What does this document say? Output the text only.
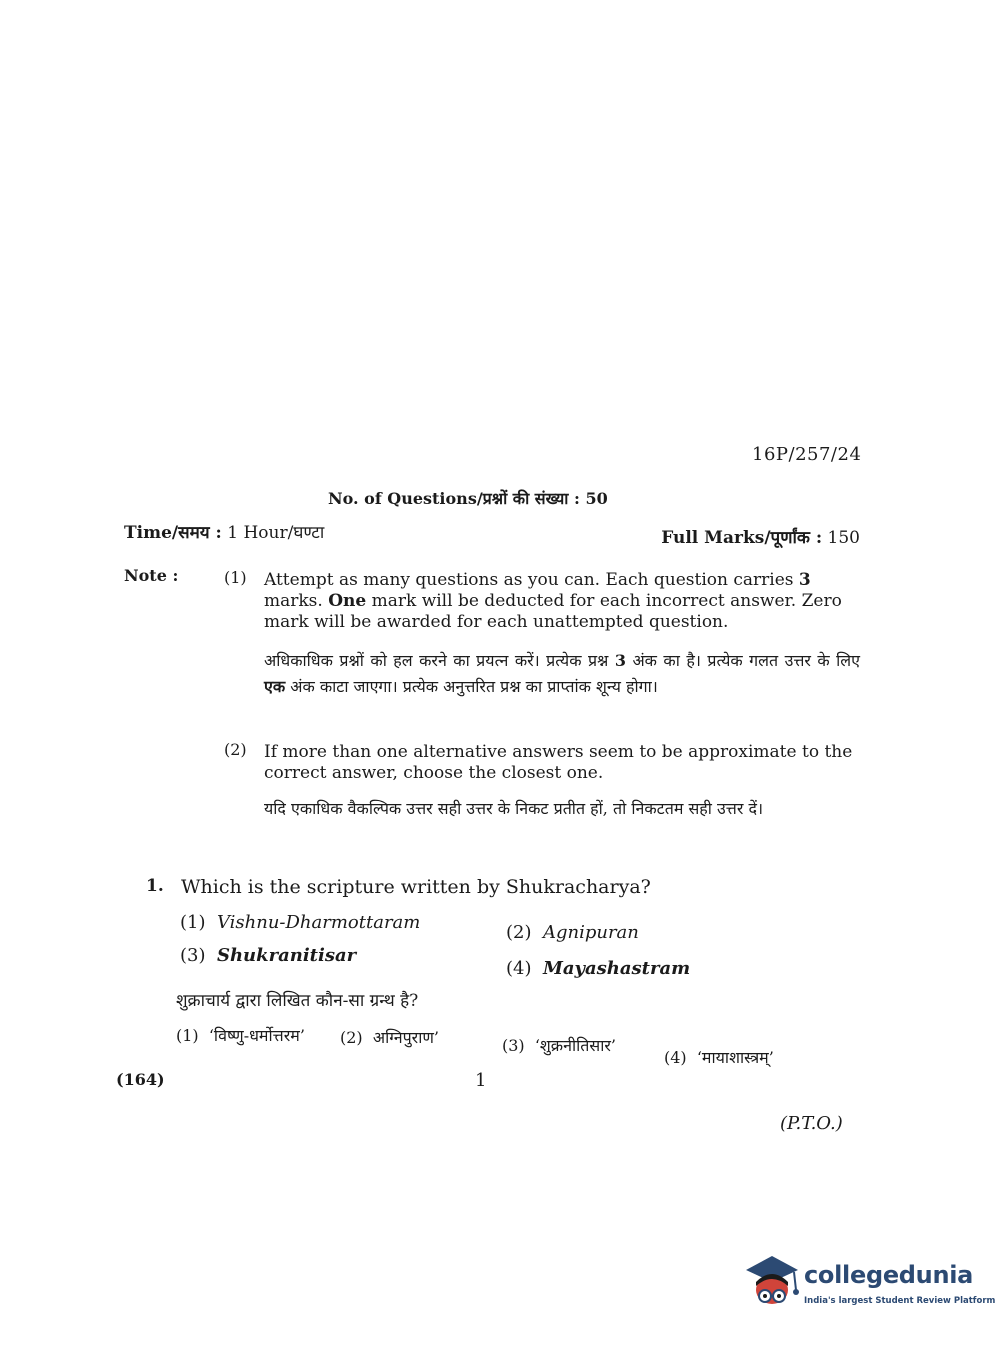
16P/257/24
No. of Questions/प्रश्नों की संख्या : 50
Time/समय : 1 Hour/घण्टा	Full Marks/पूर्णांक : 150
Note :	(1) Attempt as many questions as you can. Each question carries 3 marks. One mark will be deducted for each incorrect answer. Zero mark will be awarded for each unattempted question.
अधिकाधिक प्रश्नों को हल करने का प्रयत्न करें। प्रत्येक प्रश्न 3 अंक का है। प्रत्येक गलत उत्तर के लिए एक अंक काटा जाएगा। प्रत्येक अनुत्तरित प्रश्न का प्राप्तांक शून्य होगा।
(2) If more than one alternative answers seem to be approximate to the correct answer, choose the closest one.
यदि एकाधिक वैकल्पिक उत्तर सही उत्तर के निकट प्रतीत हों, तो निकटतम सही उत्तर दें।
1. Which is the scripture written by Shukracharya?
(1) Vishnu-Dharmottaram	(2) Agnipuran
(3) Shukranitisar
(4) Mayashastram
शुक्राचार्य द्वारा लिखित कौन-सा ग्रन्थ है?
(1) ‘विष्णु-धर्मोत्तरम’ (2) अग्निपुराण’	(3) ‘शुक्रनीतिसार’
(4) ‘मायाशास्त्रम्’
(164)	1
(P.T.O.)
collegedunia
India's largest Student Review Platform
